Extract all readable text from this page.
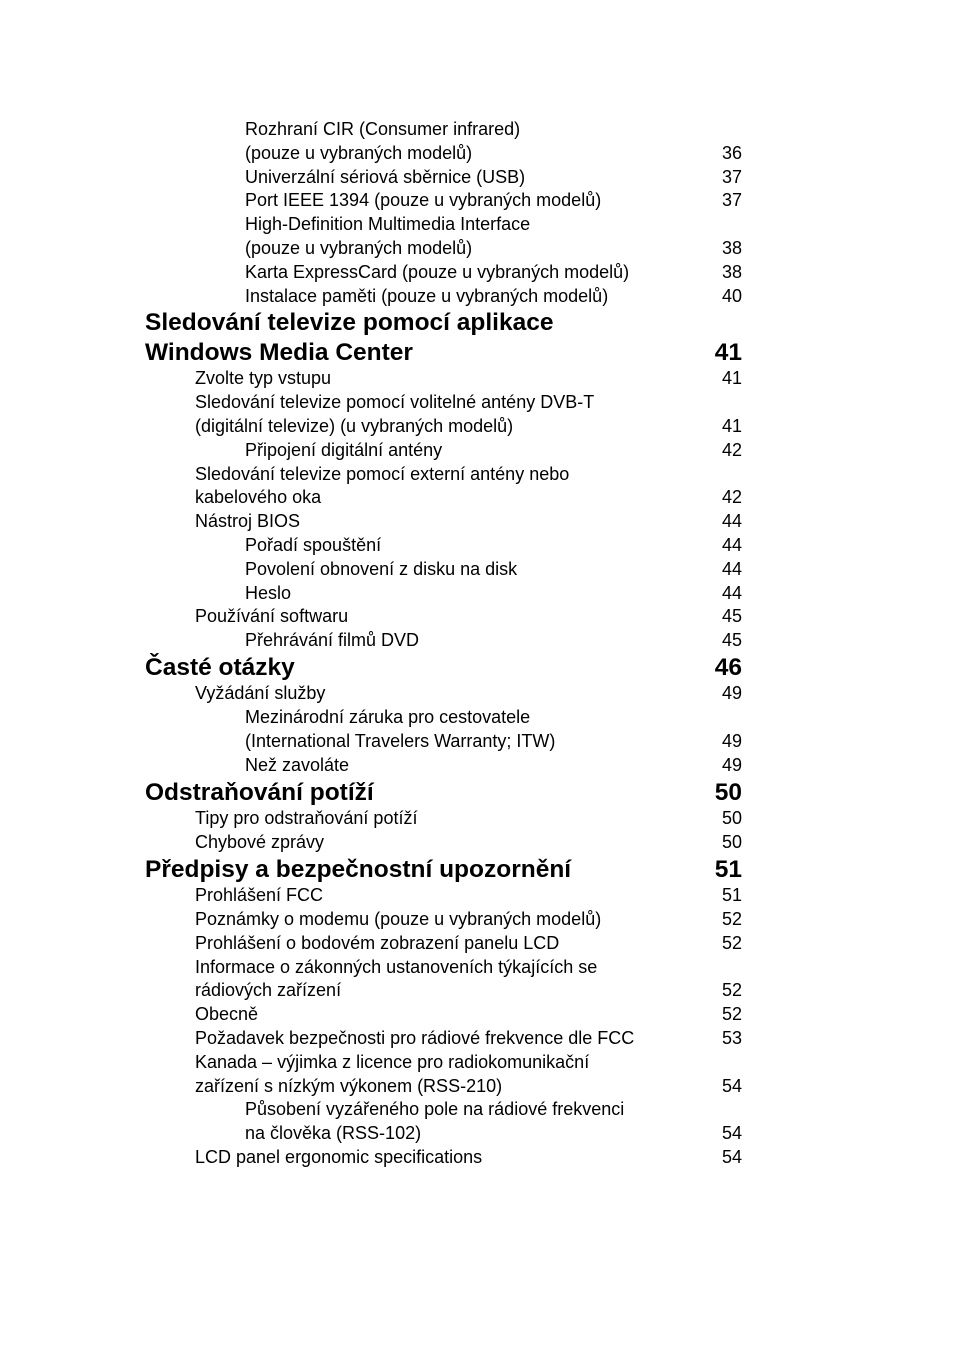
Rozhraní CIR (Consumer infrared)
(pouze u vybraných modelů)	36
Univerzální sériová sběrnice (USB)	37
Port IEEE 1394 (pouze u vybraných modelů)	37
High-Definition Multimedia Interface
(pouze u vybraných modelů)	38
Karta ExpressCard (pouze u vybraných modelů)	38
Instalace paměti (pouze u vybraných modelů)	40
Sledování televize pomocí aplikace
Windows Media Center	41
Zvolte typ vstupu	41
Sledování televize pomocí volitelné antény DVB-T
(digitální televize) (u vybraných modelů)	41
Připojení digitální antény	42
Sledování televize pomocí externí antény nebo
kabelového oka	42
Nástroj BIOS	44
Pořadí spouštění	44
Povolení obnovení z disku na disk	44
Heslo	44
Používání softwaru	45
Přehrávání filmů DVD	45
Časté otázky	46
Vyžádání služby	49
Mezinárodní záruka pro cestovatele
(International Travelers Warranty; ITW)	49
Než zavoláte	49
Odstraňování potíží	50
Tipy pro odstraňování potíží	50
Chybové zprávy	50
Předpisy a bezpečnostní upozornění	51
Prohlášení FCC	51
Poznámky o modemu (pouze u vybraných modelů)	52
Prohlášení o bodovém zobrazení panelu LCD	52
Informace o zákonných ustanoveních týkajících se
rádiových zařízení	52
Obecně	52
Požadavek bezpečnosti pro rádiové frekvence dle FCC	53
Kanada – výjimka z licence pro radiokomunikační
zařízení s nízkým výkonem (RSS-210)	54
Působení vyzářeného pole na rádiové frekvenci
na člověka (RSS-102)	54
LCD panel ergonomic specifications	54
